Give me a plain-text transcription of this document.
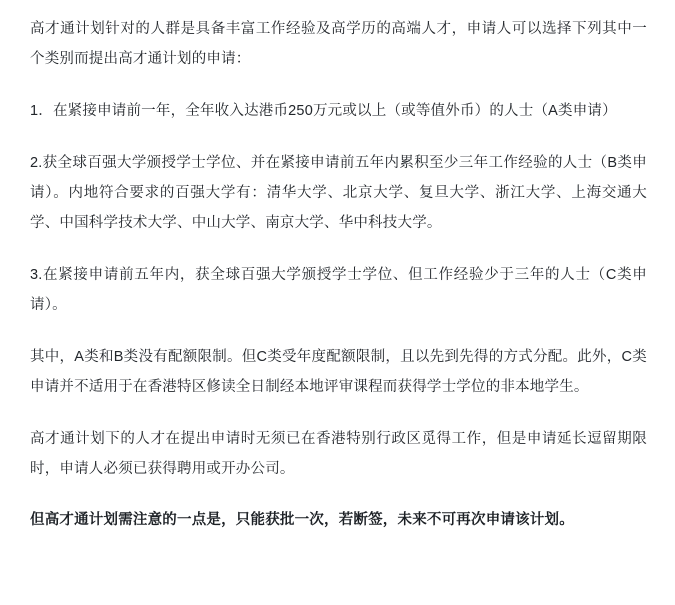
高才通计划针对的人群是具备丰富工作经验及高学历的高端人才，申请人可以选择下列其中一个类别而提出高才通计划的申请：

1．在紧接申请前一年，全年收入达港币250万元或以上（或等值外币）的人士（A类申请）

2.获全球百强大学颁授学士学位、并在紧接申请前五年内累积至少三年工作经验的人士（B类申请）。内地符合要求的百强大学有：清华大学、北京大学、复旦大学、浙江大学、上海交通大学、中国科学技术大学、中山大学、南京大学、华中科技大学。

3.在紧接申请前五年内，获全球百强大学颁授学士学位、但工作经验少于三年的人士（C类申请）。

其中，A类和B类没有配额限制。但C类受年度配额限制，且以先到先得的方式分配。此外，C类申请并不适用于在香港特区修读全日制经本地评审课程而获得学士学位的非本地学生。

高才通计划下的人才在提出申请时无须已在香港特别行政区觅得工作，但是申请延长逗留期限时，申请人必须已获得聘用或开办公司。

但高才通计划需注意的一点是，只能获批一次，若断签，未来不可再次申请该计划。
